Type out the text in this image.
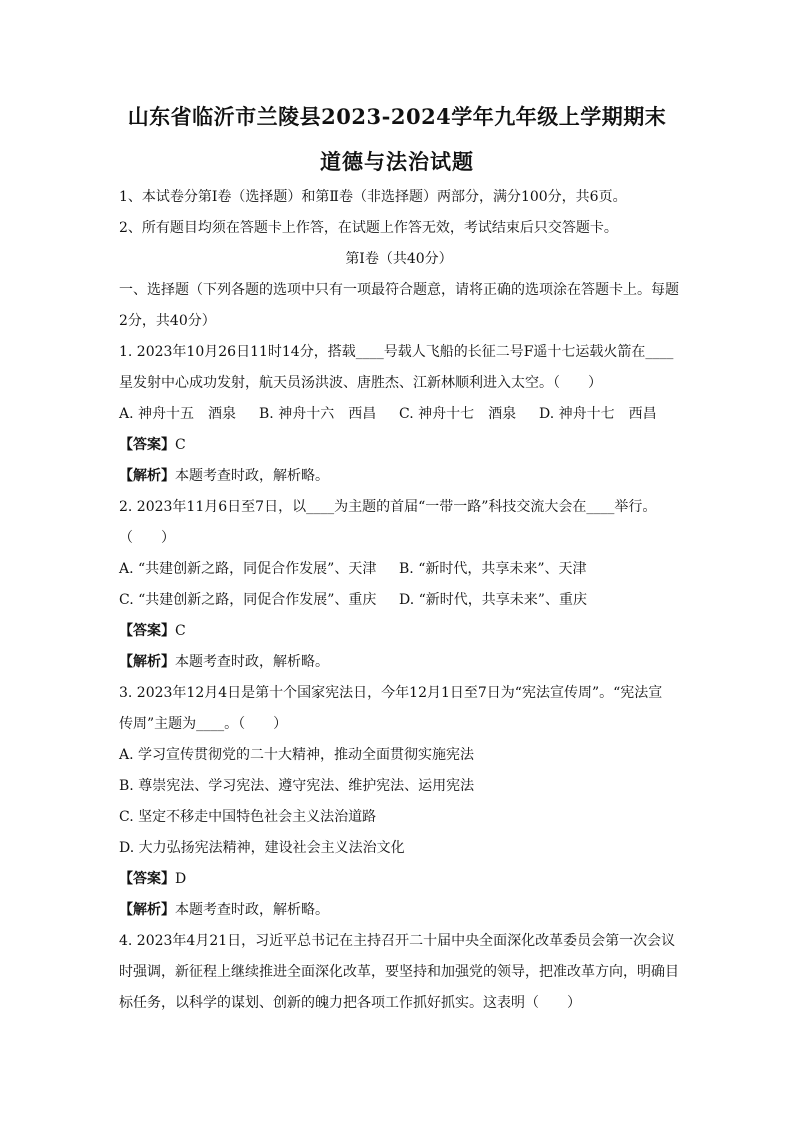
山东省临沂市兰陵县2023-2024学年九年级上学期期末
道德与法治试题
1、本试卷分第Ⅰ卷（选择题）和第Ⅱ卷（非选择题）两部分，满分100分，共6页。
2、所有题目均须在答题卡上作答，在试题上作答无效，考试结束后只交答题卡。
第Ⅰ卷（共40分）
一、选择题（下列各题的选项中只有一项最符合题意，请将正确的选项涂在答题卡上。每题
2分，共40分）
1. 2023年10月26日11时14分，搭载____号载人飞船的长征二号F遥十七运载火箭在____
星发射中心成功发射，航天员汤洪波、唐胜杰、江新林顺利进入太空。（　　）
A. 神舟十五　酒泉 B. 神舟十六　西昌 C. 神舟十七　酒泉 D. 神舟十七　西昌
【答案】C
【解析】本题考查时政，解析略。
2. 2023年11月6日至7日，以____为主题的首届“一带一路”科技交流大会在____举行。
（　　）
A. “共建创新之路，同促合作发展”、天津 B. “新时代，共享未来”、天津
C. “共建创新之路，同促合作发展”、重庆 D. “新时代，共享未来”、重庆
【答案】C
【解析】本题考查时政，解析略。
3. 2023年12月4日是第十个国家宪法日，今年12月1日至7日为“宪法宣传周”。“宪法宣
传周”主题为____。（　　）
A. 学习宣传贯彻党的二十大精神，推动全面贯彻实施宪法
B. 尊崇宪法、学习宪法、遵守宪法、维护宪法、运用宪法
C. 坚定不移走中国特色社会主义法治道路
D. 大力弘扬宪法精神，建设社会主义法治文化
【答案】D
【解析】本题考查时政，解析略。
4. 2023年4月21日，习近平总书记在主持召开二十届中央全面深化改革委员会第一次会议
时强调，新征程上继续推进全面深化改革，要坚持和加强党的领导，把准改革方向，明确目
标任务，以科学的谋划、创新的魄力把各项工作抓好抓实。这表明（　　）
